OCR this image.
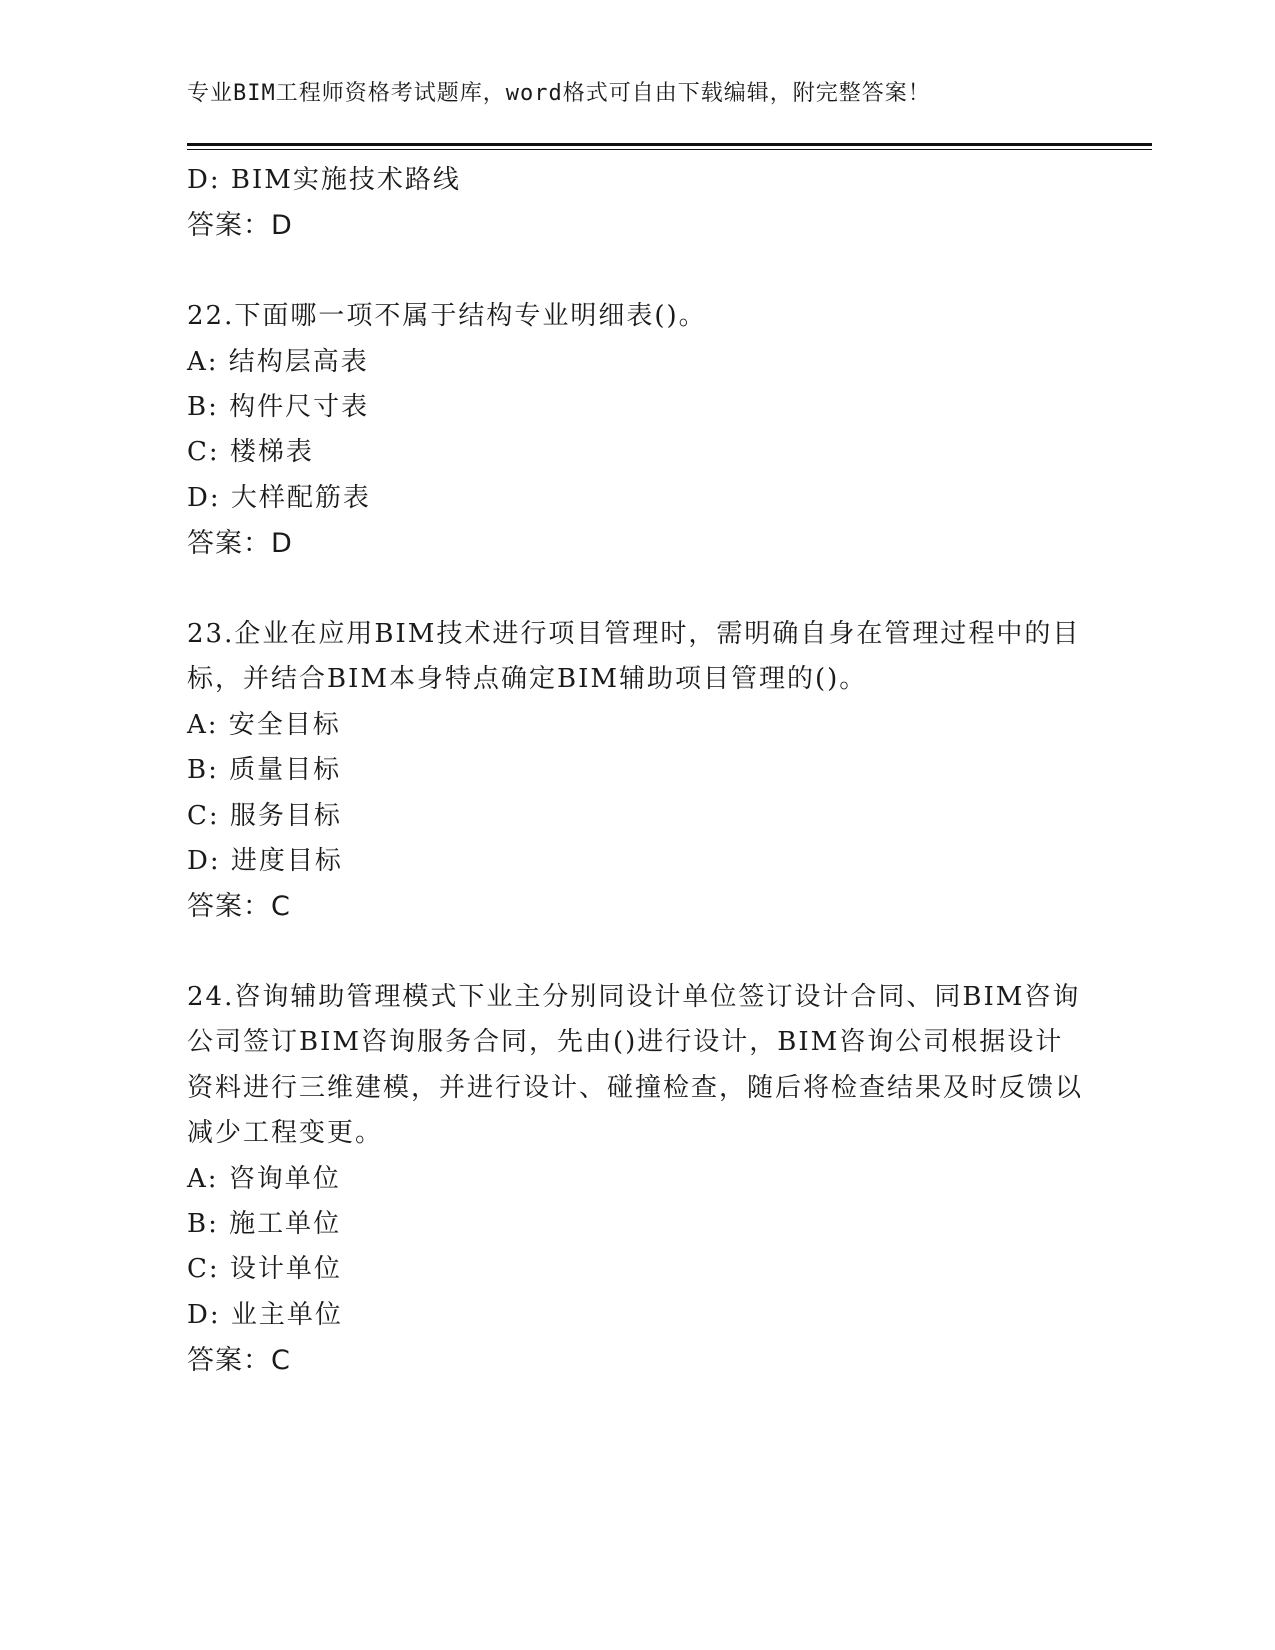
专业BIM工程师资格考试题库，word格式可自由下载编辑，附完整答案！
D: BIM实施技术路线
答案：D
22.下面哪一项不属于结构专业明细表()。
A: 结构层高表
B: 构件尺寸表
C: 楼梯表
D: 大样配筋表
答案：D
23.企业在应用BIM技术进行项目管理时，需明确自身在管理过程中的目标，并结合BIM本身特点确定BIM辅助项目管理的()。
A: 安全目标
B: 质量目标
C: 服务目标
D: 进度目标
答案：C
24.咨询辅助管理模式下业主分别同设计单位签订设计合同、同BIM咨询公司签订BIM咨询服务合同，先由()进行设计，BIM咨询公司根据设计资料进行三维建模，并进行设计、碰撞检查，随后将检查结果及时反馈以减少工程变更。
A: 咨询单位
B: 施工单位
C: 设计单位
D: 业主单位
答案：C
